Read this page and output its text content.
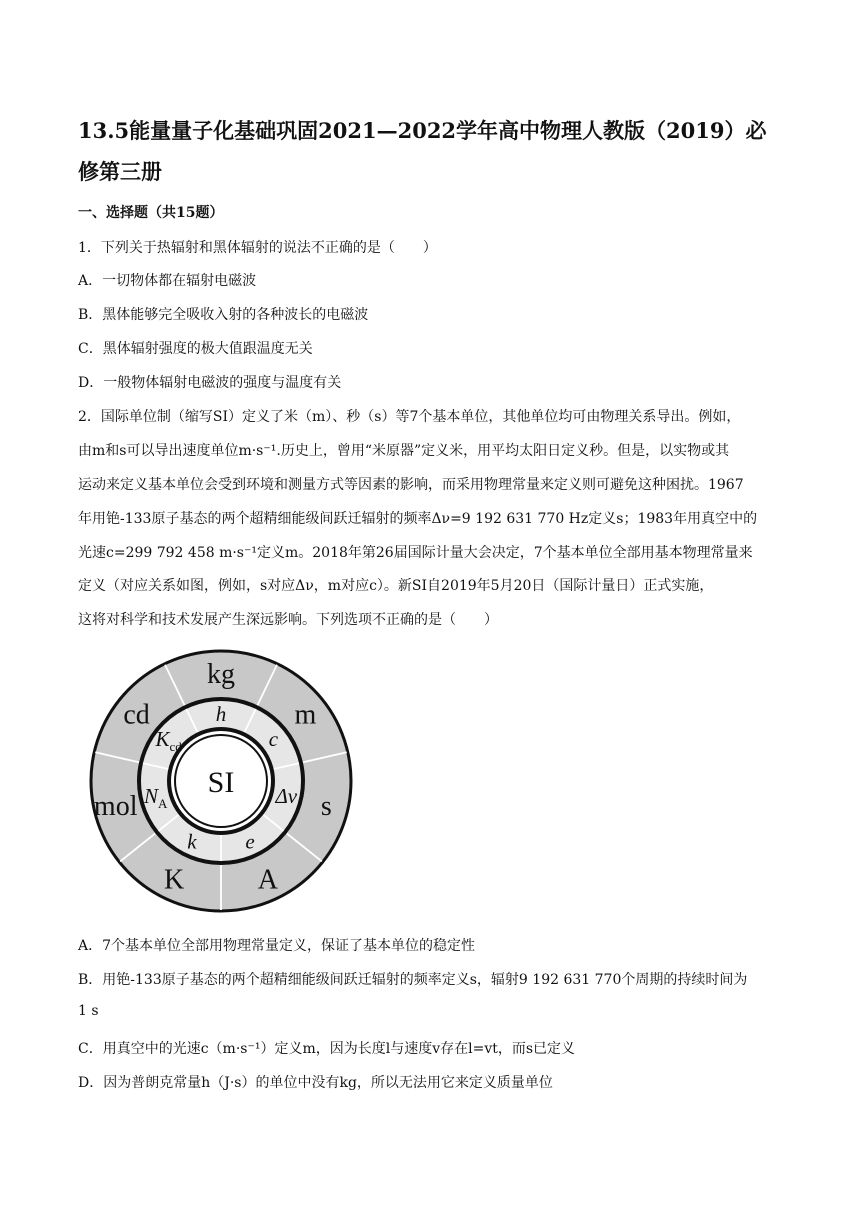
13.5能量量子化基础巩固2021—2022学年高中物理人教版（2019）必
修第三册
一、选择题（共15题）
1．下列关于热辐射和黑体辐射的说法不正确的是（　　）
A．一切物体都在辐射电磁波
B．黑体能够完全吸收入射的各种波长的电磁波
C．黑体辐射强度的极大值跟温度无关
D．一般物体辐射电磁波的强度与温度有关
2．国际单位制（缩写SI）定义了米（m）、秒（s）等7个基本单位，其他单位均可由物理关系导出。例如，
由m和s可以导出速度单位m·s⁻¹.历史上，曾用“米原器”定义米，用平均太阳日定义秒。但是，以实物或其
运动来定义基本单位会受到环境和测量方式等因素的影响，而采用物理常量来定义则可避免这种困扰。1967
年用铯-133原子基态的两个超精细能级间跃迁辐射的频率Δν=9 192 631 770 Hz定义s；1983年用真空中的
光速c=299 792 458 m·s⁻¹定义m。2018年第26届国际计量大会决定，7个基本单位全部用基本物理常量来
定义（对应关系如图，例如，s对应Δν，m对应c）。新SI自2019年5月20日（国际计量日）正式实施，
这将对科学和技术发展产生深远影响。下列选项不正确的是（　　）
SI
kg
m
s
A
K
mol
cd	h
c
Δν
e
k
$N_A$
$K_{cd}$
A．7个基本单位全部用物理常量定义，保证了基本单位的稳定性
B．用铯-133原子基态的两个超精细能级间跃迁辐射的频率定义s，辐射9 192 631 770个周期的持续时间为
1 s
C．用真空中的光速c（m·s⁻¹）定义m，因为长度l与速度v存在l=vt，而s已定义
D．因为普朗克常量h（J·s）的单位中没有kg，所以无法用它来定义质量单位
